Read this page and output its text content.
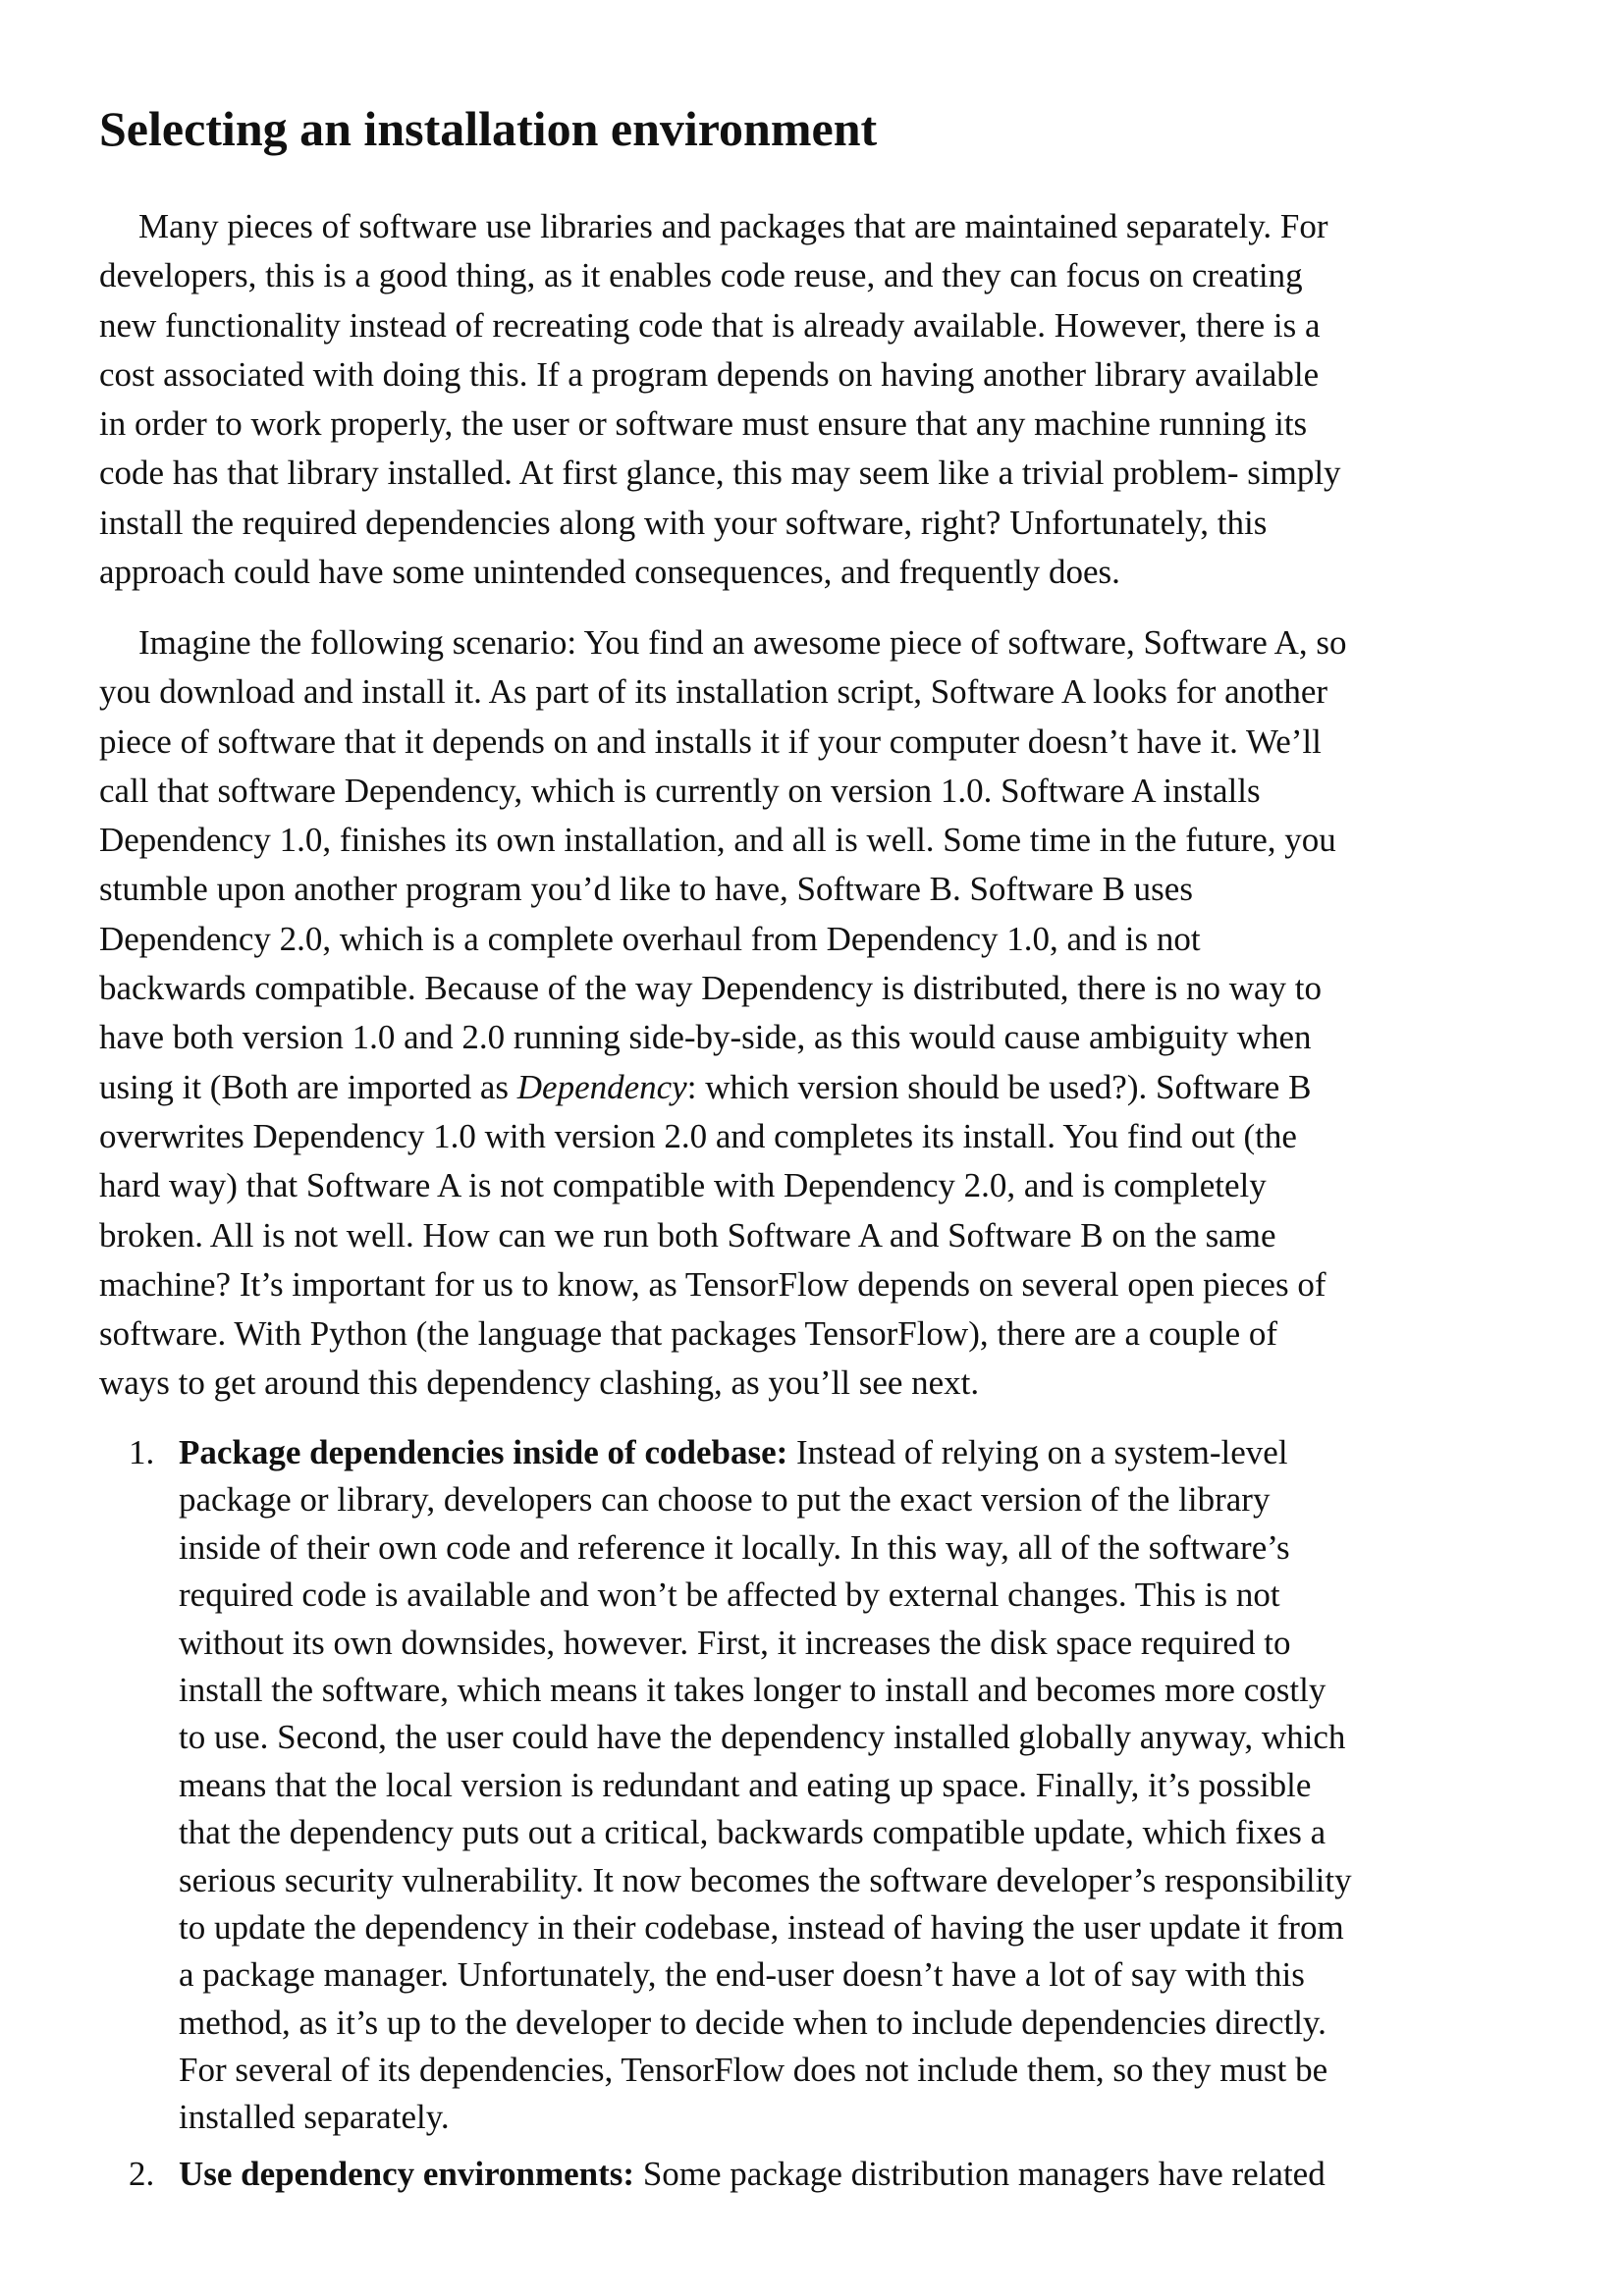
Selecting an installation environment
Many pieces of software use libraries and packages that are maintained separately. For
developers, this is a good thing, as it enables code reuse, and they can focus on creating
new functionality instead of recreating code that is already available. However, there is a
cost associated with doing this. If a program depends on having another library available
in order to work properly, the user or software must ensure that any machine running its
code has that library installed. At first glance, this may seem like a trivial problem- simply
install the required dependencies along with your software, right? Unfortunately, this
approach could have some unintended consequences, and frequently does.
Imagine the following scenario: You find an awesome piece of software, Software A, so
you download and install it. As part of its installation script, Software A looks for another
piece of software that it depends on and installs it if your computer doesn’t have it. We’ll
call that software Dependency, which is currently on version 1.0. Software A installs
Dependency 1.0, finishes its own installation, and all is well. Some time in the future, you
stumble upon another program you’d like to have, Software B. Software B uses
Dependency 2.0, which is a complete overhaul from Dependency 1.0, and is not
backwards compatible. Because of the way Dependency is distributed, there is no way to
have both version 1.0 and 2.0 running side-by-side, as this would cause ambiguity when
using it (Both are imported as Dependency: which version should be used?). Software B
overwrites Dependency 1.0 with version 2.0 and completes its install. You find out (the
hard way) that Software A is not compatible with Dependency 2.0, and is completely
broken. All is not well. How can we run both Software A and Software B on the same
machine? It’s important for us to know, as TensorFlow depends on several open pieces of
software. With Python (the language that packages TensorFlow), there are a couple of
ways to get around this dependency clashing, as you’ll see next.
1. Package dependencies inside of codebase: Instead of relying on a system-level
package or library, developers can choose to put the exact version of the library
inside of their own code and reference it locally. In this way, all of the software’s
required code is available and won’t be affected by external changes. This is not
without its own downsides, however. First, it increases the disk space required to
install the software, which means it takes longer to install and becomes more costly
to use. Second, the user could have the dependency installed globally anyway, which
means that the local version is redundant and eating up space. Finally, it’s possible
that the dependency puts out a critical, backwards compatible update, which fixes a
serious security vulnerability. It now becomes the software developer’s responsibility
to update the dependency in their codebase, instead of having the user update it from
a package manager. Unfortunately, the end-user doesn’t have a lot of say with this
method, as it’s up to the developer to decide when to include dependencies directly.
For several of its dependencies, TensorFlow does not include them, so they must be
installed separately.
2. Use dependency environments: Some package distribution managers have related
